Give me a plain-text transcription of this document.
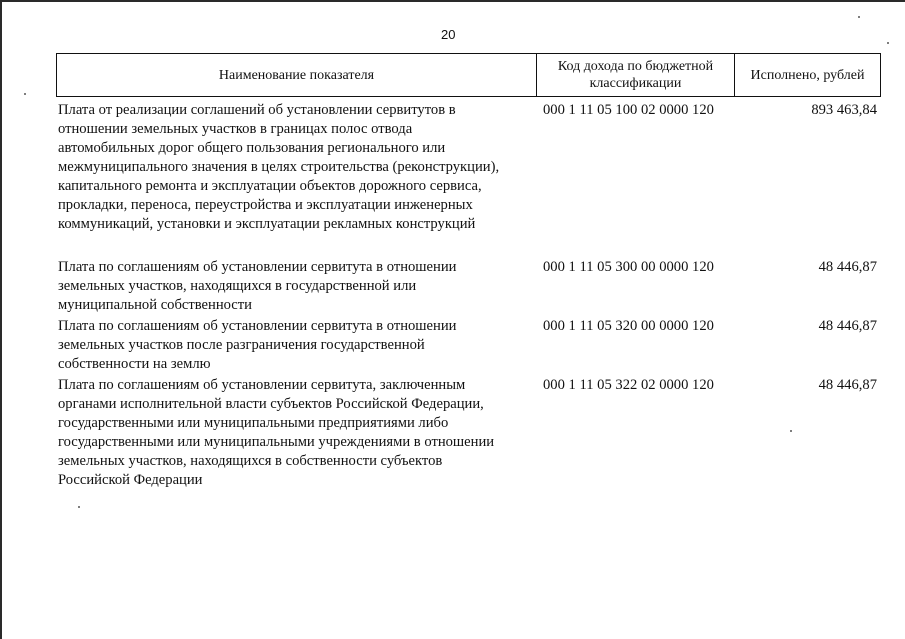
20
Наименование показателя
Код дохода по бюджетной классификации
Исполнено, рублей
Плата от реализации соглашений об установлении сервитутов в
отношении земельных участков в границах полос отвода
автомобильных дорог общего пользования регионального или
межмуниципального значения в целях строительства (реконструкции),
капитального ремонта и эксплуатации объектов дорожного сервиса,
прокладки, переноса, переустройства и эксплуатации инженерных
коммуникаций, установки и эксплуатации рекламных конструкций
000 1 11 05 100 02 0000 120	893 463,84
Плата по соглашениям об установлении сервитута в отношении
земельных участков, находящихся в государственной или
муниципальной собственности
000 1 11 05 300 00 0000 120	48 446,87
Плата по соглашениям об установлении сервитута в отношении
земельных участков после разграничения государственной
собственности на землю
000 1 11 05 320 00 0000 120	48 446,87
Плата по соглашениям об установлении сервитута, заключенным
органами исполнительной власти субъектов Российской Федерации,
государственными или муниципальными предприятиями либо
государственными или муниципальными учреждениями в отношении
земельных участков, находящихся в собственности субъектов
Российской Федерации
000 1 11 05 322 02 0000 120	48 446,87
